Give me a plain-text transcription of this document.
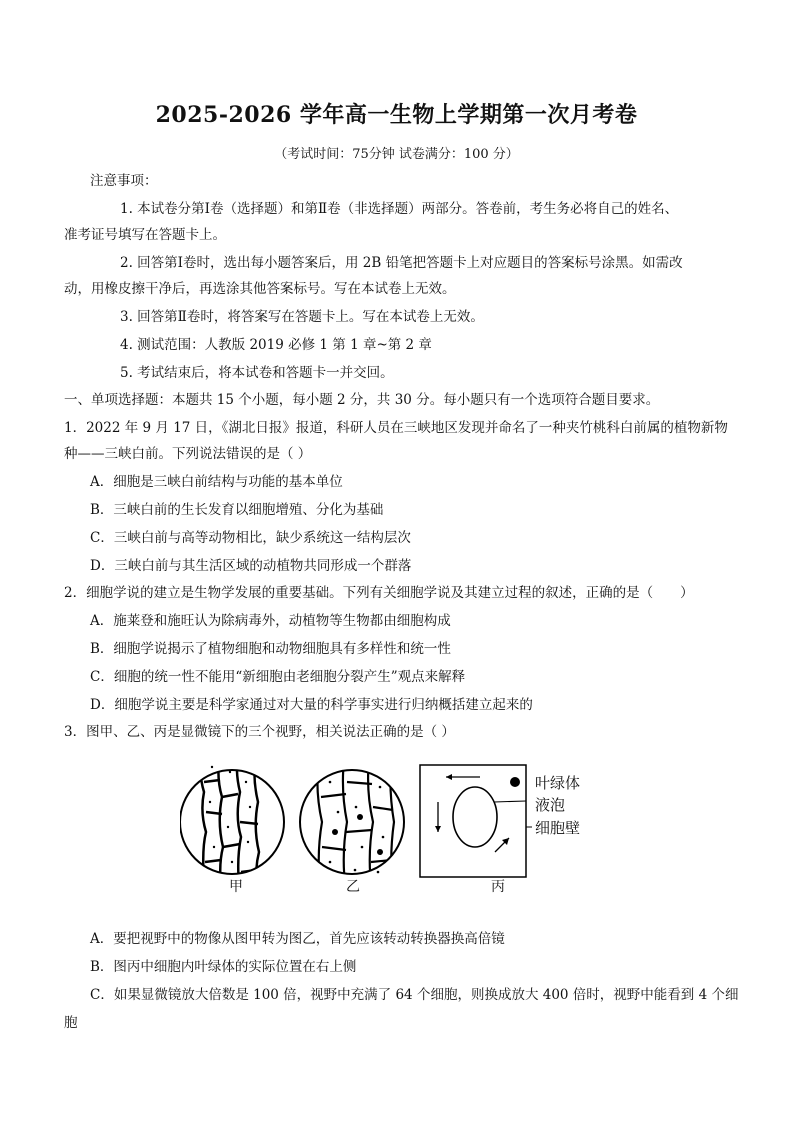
2025-2026 学年高一生物上学期第一次月考卷
（考试时间：75分钟 试卷满分：100 分）
注意事项：
1. 本试卷分第Ⅰ卷（选择题）和第Ⅱ卷（非选择题）两部分。答卷前，考生务必将自己的姓名、
准考证号填写在答题卡上。
2. 回答第Ⅰ卷时，选出每小题答案后，用 2B 铅笔把答题卡上对应题目的答案标号涂黑。如需改
动，用橡皮擦干净后，再选涂其他答案标号。写在本试卷上无效。
3. 回答第Ⅱ卷时，将答案写在答题卡上。写在本试卷上无效。
4. 测试范围：人教版 2019 必修 1 第 1 章~第 2 章
5. 考试结束后，将本试卷和答题卡一并交回。
一、单项选择题：本题共 15 个小题，每小题 2 分，共 30 分。每小题只有一个选项符合题目要求。
1．2022 年 9 月 17 日，《湖北日报》报道，科研人员在三峡地区发现并命名了一种夹竹桃科白前属的植物新物
种——三峡白前。下列说法错误的是（ ）
A．细胞是三峡白前结构与功能的基本单位
B．三峡白前的生长发育以细胞增殖、分化为基础
C．三峡白前与高等动物相比，缺少系统这一结构层次
D．三峡白前与其生活区域的动植物共同形成一个群落
2．细胞学说的建立是生物学发展的重要基础。下列有关细胞学说及其建立过程的叙述，正确的是（　　）
A．施莱登和施旺认为除病毒外，动植物等生物都由细胞构成
B．细胞学说揭示了植物细胞和动物细胞具有多样性和统一性
C．细胞的统一性不能用“新细胞由老细胞分裂产生”观点来解释
D．细胞学说主要是科学家通过对大量的科学事实进行归纳概括建立起来的
3．图甲、乙、丙是显微镜下的三个视野，相关说法正确的是（ ）
甲	乙	丙
叶绿体
液泡
细胞壁
A．要把视野中的物像从图甲转为图乙，首先应该转动转换器换高倍镜
B．图丙中细胞内叶绿体的实际位置在右上侧
C．如果显微镜放大倍数是 100 倍，视野中充满了 64 个细胞，则换成放大 400 倍时，视野中能看到 4 个细
胞
